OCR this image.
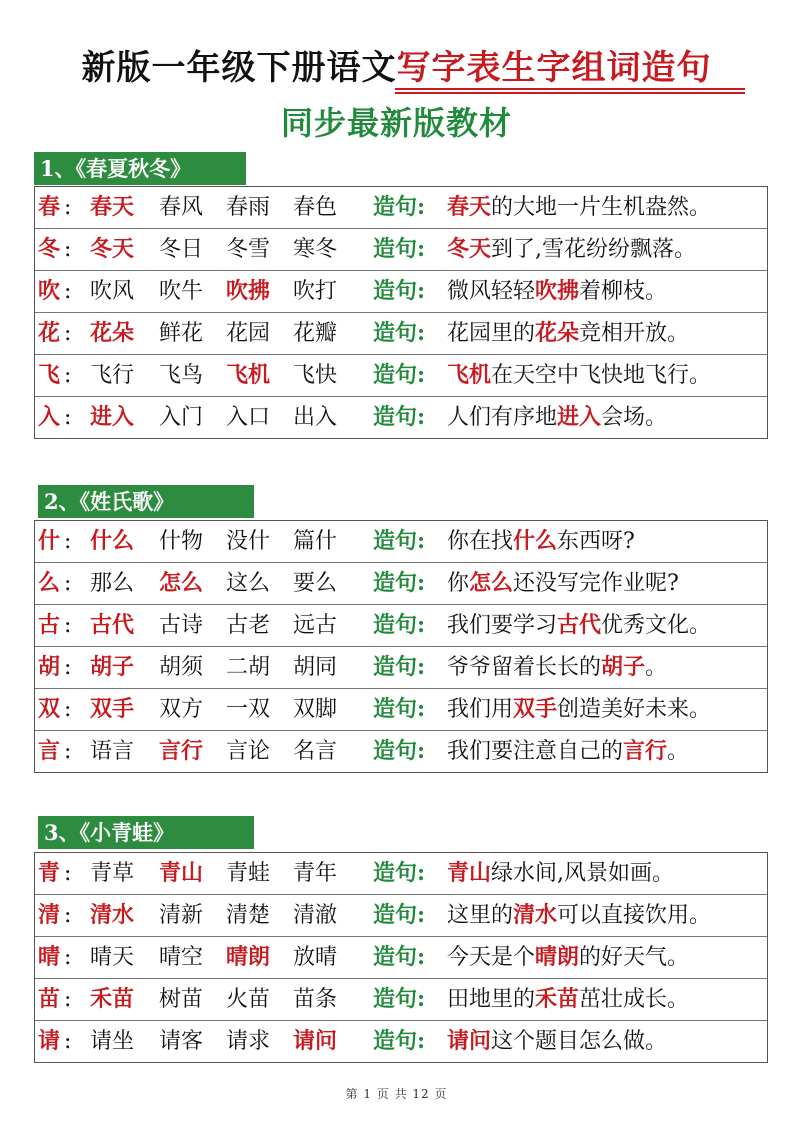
新版一年级下册语文写字表生字组词造句
同步最新版教材
1、《春夏秋冬》
春 : 春天 春风 春雨 春色 造句: 春天的大地一片生机盎然。
冬 : 冬天 冬日 冬雪 寒冬 造句: 冬天到了,雪花纷纷飘落。
吹 : 吹风 吹牛 吹拂 吹打 造句: 微风轻轻吹拂着柳枝。
花 : 花朵 鲜花 花园 花瓣 造句: 花园里的花朵竞相开放。
飞 : 飞行 飞鸟 飞机 飞快 造句: 飞机在天空中飞快地飞行。
入 : 进入 入门 入口 出入 造句: 人们有序地进入会场。
2、《姓氏歌》
什 : 什么 什物 没什 篇什 造句: 你在找什么东西呀?
么 : 那么 怎么 这么 要么 造句: 你怎么还没写完作业呢?
古 : 古代 古诗 古老 远古 造句: 我们要学习古代优秀文化。
胡 : 胡子 胡须 二胡 胡同 造句: 爷爷留着长长的胡子。
双 : 双手 双方 一双 双脚 造句: 我们用双手创造美好未来。
言 : 语言 言行 言论 名言 造句: 我们要注意自己的言行。
3、《小青蛙》
青 : 青草 青山 青蛙 青年 造句: 青山绿水间,风景如画。
清 : 清水 清新 清楚 清澈 造句: 这里的清水可以直接饮用。
晴 : 晴天 晴空 晴朗 放晴 造句: 今天是个晴朗的好天气。
苗 : 禾苗 树苗 火苗 苗条 造句: 田地里的禾苗茁壮成长。
请 : 请坐 请客 请求 请问 造句: 请问这个题目怎么做。
第 1 页 共 12 页
